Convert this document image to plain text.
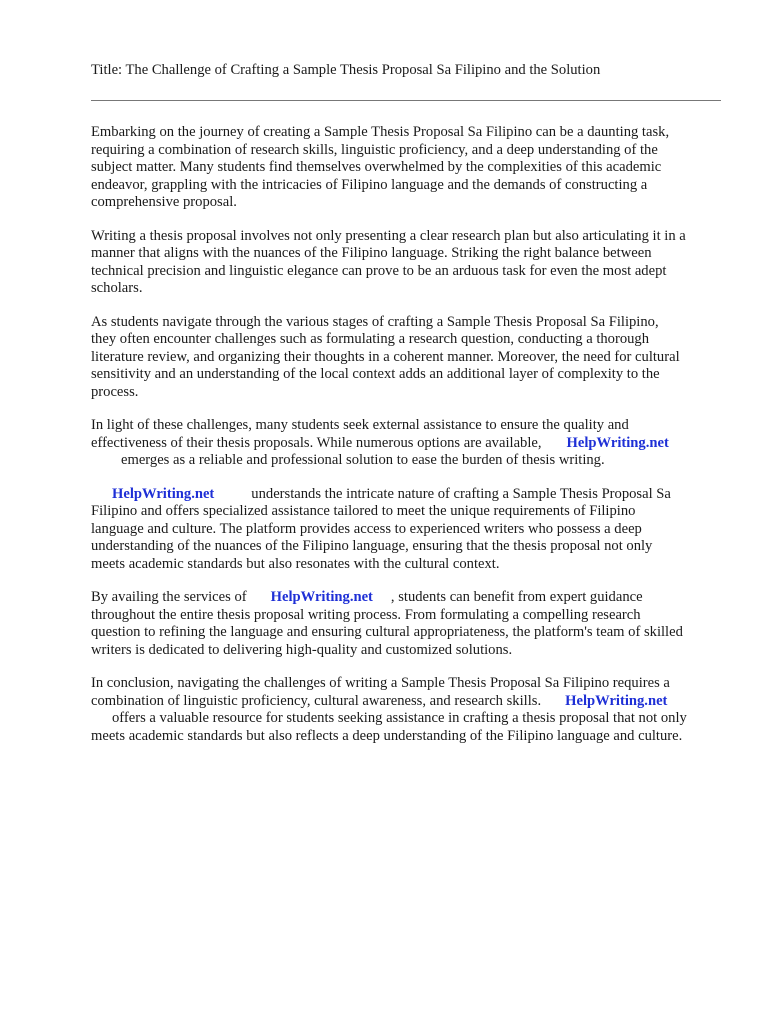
Title: The Challenge of Crafting a Sample Thesis Proposal Sa Filipino and the Solution
Embarking on the journey of creating a Sample Thesis Proposal Sa Filipino can be a daunting task,
requiring a combination of research skills, linguistic proficiency, and a deep understanding of the
subject matter. Many students find themselves overwhelmed by the complexities of this academic
endeavor, grappling with the intricacies of Filipino language and the demands of constructing a
comprehensive proposal.
Writing a thesis proposal involves not only presenting a clear research plan but also articulating it in a
manner that aligns with the nuances of the Filipino language. Striking the right balance between
technical precision and linguistic elegance can prove to be an arduous task for even the most adept
scholars.
As students navigate through the various stages of crafting a Sample Thesis Proposal Sa Filipino,
they often encounter challenges such as formulating a research question, conducting a thorough
literature review, and organizing their thoughts in a coherent manner. Moreover, the need for cultural
sensitivity and an understanding of the local context adds an additional layer of complexity to the
process.
In light of these challenges, many students seek external assistance to ensure the quality and
effectiveness of their thesis proposals. While numerous options are available, HelpWriting.net
emerges as a reliable and professional solution to ease the burden of thesis writing.
HelpWriting.net	understands the intricate nature of crafting a Sample Thesis Proposal Sa
Filipino and offers specialized assistance tailored to meet the unique requirements of Filipino
language and culture. The platform provides access to experienced writers who possess a deep
understanding of the nuances of the Filipino language, ensuring that the thesis proposal not only
meets academic standards but also resonates with the cultural context.
By availing the services of HelpWriting.net , students can benefit from expert guidance
throughout the entire thesis proposal writing process. From formulating a compelling research
question to refining the language and ensuring cultural appropriateness, the platform's team of skilled
writers is dedicated to delivering high-quality and customized solutions.
In conclusion, navigating the challenges of writing a Sample Thesis Proposal Sa Filipino requires a
combination of linguistic proficiency, cultural awareness, and research skills. HelpWriting.net
offers a valuable resource for students seeking assistance in crafting a thesis proposal that not only
meets academic standards but also reflects a deep understanding of the Filipino language and culture.
